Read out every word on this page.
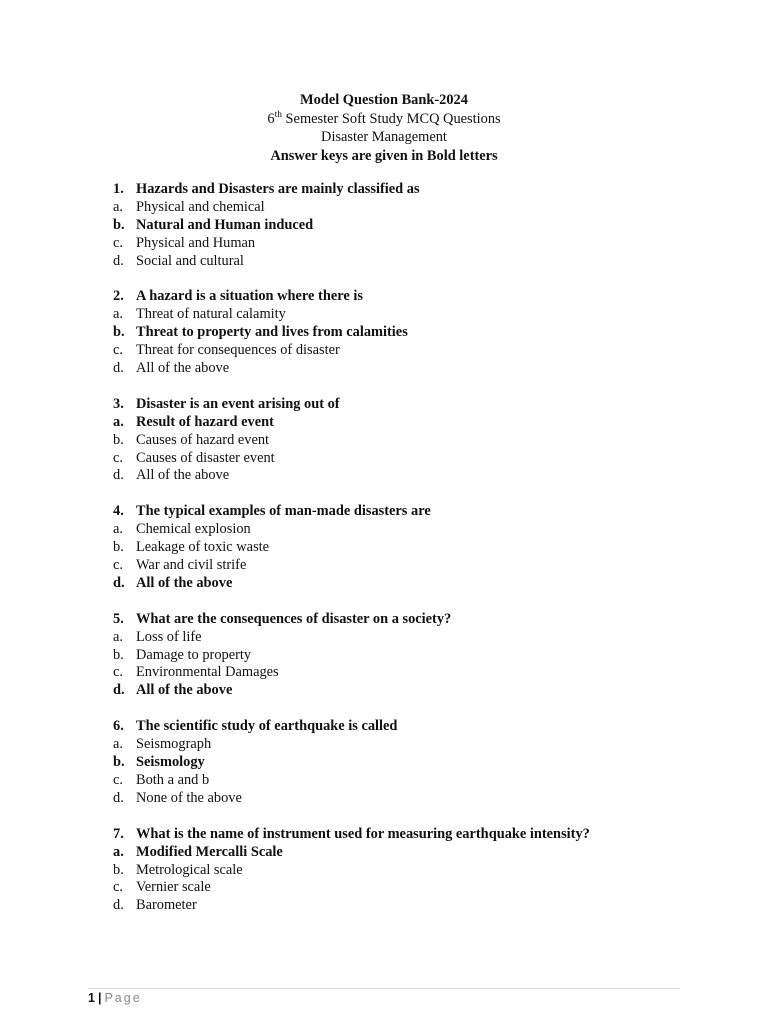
Model Question Bank-2024
6th Semester Soft Study MCQ Questions
Disaster Management
Answer keys are given in Bold letters
1. Hazards and Disasters are mainly classified as
a. Physical and chemical
b. Natural and Human induced
c. Physical and Human
d. Social and cultural
2. A hazard is a situation where there is
a. Threat of natural calamity
b. Threat to property and lives from calamities
c. Threat for consequences of disaster
d. All of the above
3. Disaster is an event arising out of
a. Result of hazard event
b. Causes of hazard event
c. Causes of disaster event
d. All of the above
4. The typical examples of man-made disasters are
a. Chemical explosion
b. Leakage of toxic waste
c. War and civil strife
d. All of the above
5. What are the consequences of disaster on a society?
a. Loss of life
b. Damage to property
c. Environmental Damages
d. All of the above
6. The scientific study of earthquake is called
a. Seismograph
b. Seismology
c. Both a and b
d. None of the above
7. What is the name of instrument used for measuring earthquake intensity?
a. Modified Mercalli Scale
b. Metrological scale
c. Vernier scale
d. Barometer
1 | Page
